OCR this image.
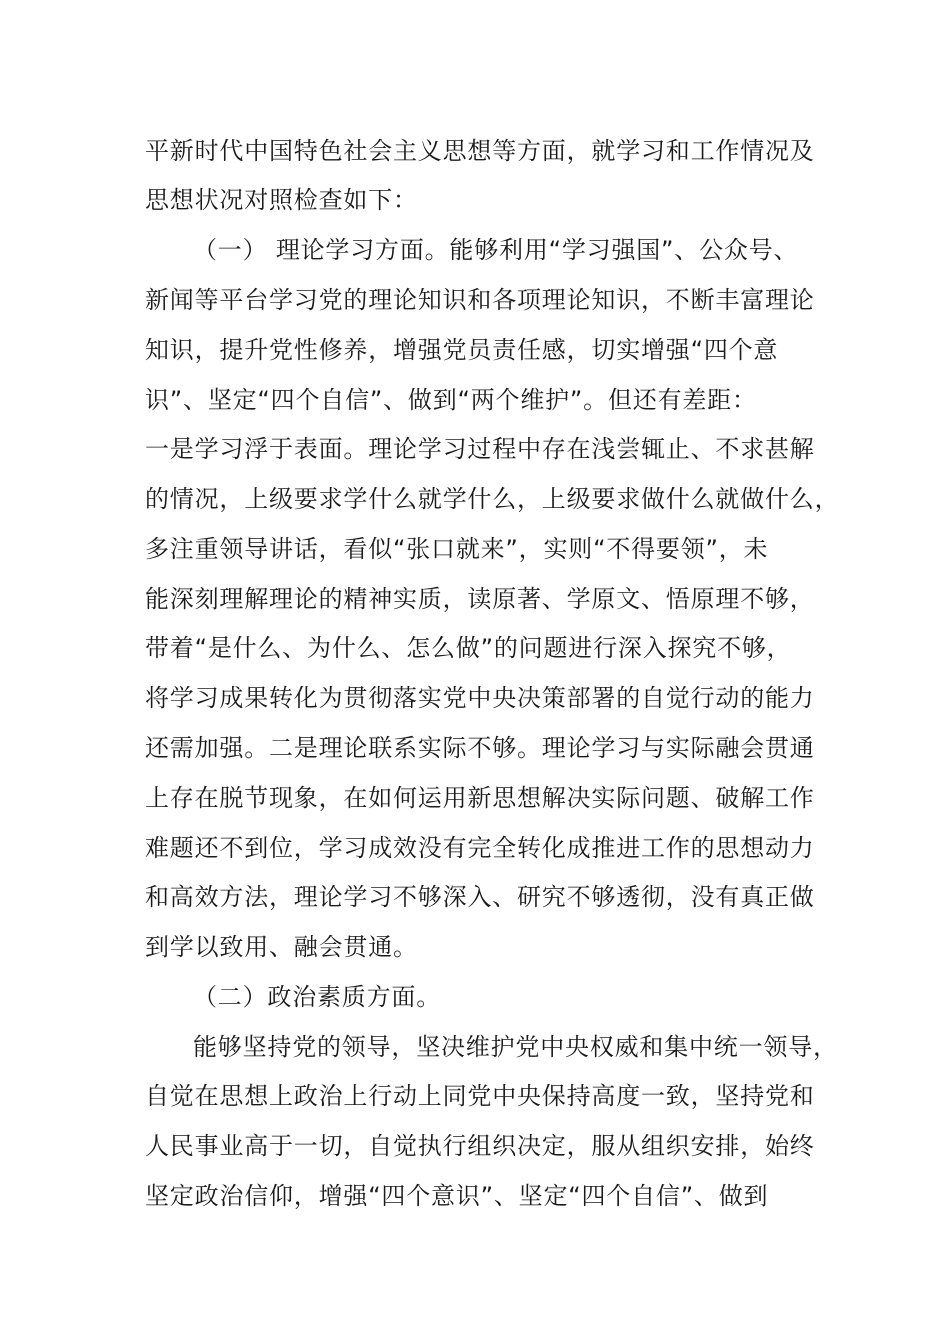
平新时代中国特色社会主义思想等方面，就学习和工作情况及
思想状况对照检查如下：
（一） 理论学习方面。能够利用“学习强国”、公众号、
新闻等平台学习党的理论知识和各项理论知识，不断丰富理论
知识，提升党性修养，增强党员责任感，切实增强“四个意
识”、坚定“四个自信”、做到“两个维护”。但还有差距：
一是学习浮于表面。理论学习过程中存在浅尝辄止、不求甚解
的情况，上级要求学什么就学什么，上级要求做什么就做什么，
多注重领导讲话，看似“张口就来”，实则“不得要领”，未
能深刻理解理论的精神实质，读原著、学原文、悟原理不够，
带着“是什么、为什么、怎么做”的问题进行深入探究不够，
将学习成果转化为贯彻落实党中央决策部署的自觉行动的能力
还需加强。二是理论联系实际不够。理论学习与实际融会贯通
上存在脱节现象，在如何运用新思想解决实际问题、破解工作
难题还不到位，学习成效没有完全转化成推进工作的思想动力
和高效方法，理论学习不够深入、研究不够透彻，没有真正做
到学以致用、融会贯通。
（二）政治素质方面。
能够坚持党的领导，坚决维护党中央权威和集中统一领导，
自觉在思想上政治上行动上同党中央保持高度一致，坚持党和
人民事业高于一切，自觉执行组织决定，服从组织安排，始终
坚定政治信仰，增强“四个意识”、坚定“四个自信”、做到
